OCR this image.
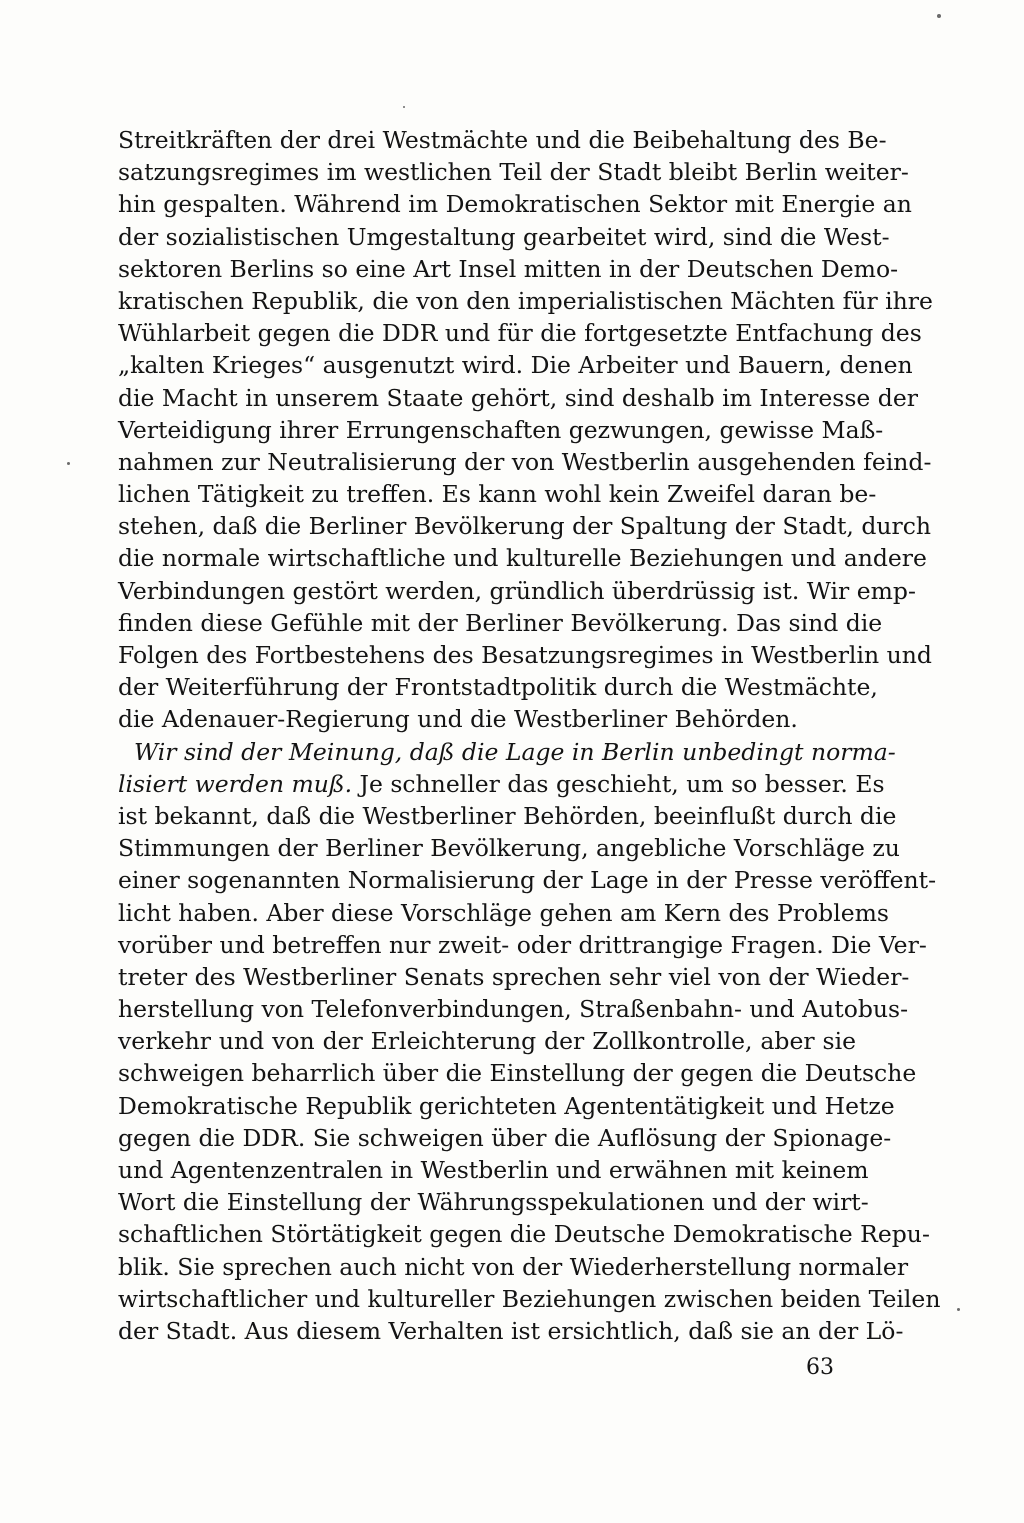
Streitkräften der drei Westmächte und die Beibehaltung des Be-
satzungsregimes im westlichen Teil der Stadt bleibt Berlin weiter-
hin gespalten. Während im Demokratischen Sektor mit Energie an
der sozialistischen Umgestaltung gearbeitet wird, sind die West-
sektoren Berlins so eine Art Insel mitten in der Deutschen Demo-
kratischen Republik, die von den imperialistischen Mächten für ihre
Wühlarbeit gegen die DDR und für die fortgesetzte Entfachung des
„kalten Krieges“ ausgenutzt wird. Die Arbeiter und Bauern, denen
die Macht in unserem Staate gehört, sind deshalb im Interesse der
Verteidigung ihrer Errungenschaften gezwungen, gewisse Maß-
nahmen zur Neutralisierung der von Westberlin ausgehenden feind-
lichen Tätigkeit zu treffen. Es kann wohl kein Zweifel daran be-
stehen, daß die Berliner Bevölkerung der Spaltung der Stadt, durch
die normale wirtschaftliche und kulturelle Beziehungen und andere
Verbindungen gestört werden, gründlich überdrüssig ist. Wir emp-
finden diese Gefühle mit der Berliner Bevölkerung. Das sind die
Folgen des Fortbestehens des Besatzungsregimes in Westberlin und
der Weiterführung der Frontstadtpolitik durch die Westmächte,
die Adenauer-Regierung und die Westberliner Behörden.
Wir sind der Meinung, daß die Lage in Berlin unbedingt norma-
lisiert werden muß. Je schneller das geschieht, um so besser. Es
ist bekannt, daß die Westberliner Behörden, beeinflußt durch die
Stimmungen der Berliner Bevölkerung, angebliche Vorschläge zu
einer sogenannten Normalisierung der Lage in der Presse veröffent-
licht haben. Aber diese Vorschläge gehen am Kern des Problems
vorüber und betreffen nur zweit- oder drittrangige Fragen. Die Ver-
treter des Westberliner Senats sprechen sehr viel von der Wieder-
herstellung von Telefonverbindungen, Straßenbahn- und Autobus-
verkehr und von der Erleichterung der Zollkontrolle, aber sie
schweigen beharrlich über die Einstellung der gegen die Deutsche
Demokratische Republik gerichteten Agententätigkeit und Hetze
gegen die DDR. Sie schweigen über die Auflösung der Spionage-
und Agentenzentralen in Westberlin und erwähnen mit keinem
Wort die Einstellung der Währungsspekulationen und der wirt-
schaftlichen Störtätigkeit gegen die Deutsche Demokratische Repu-
blik. Sie sprechen auch nicht von der Wiederherstellung normaler
wirtschaftlicher und kultureller Beziehungen zwischen beiden Teilen
der Stadt. Aus diesem Verhalten ist ersichtlich, daß sie an der Lö-
63
